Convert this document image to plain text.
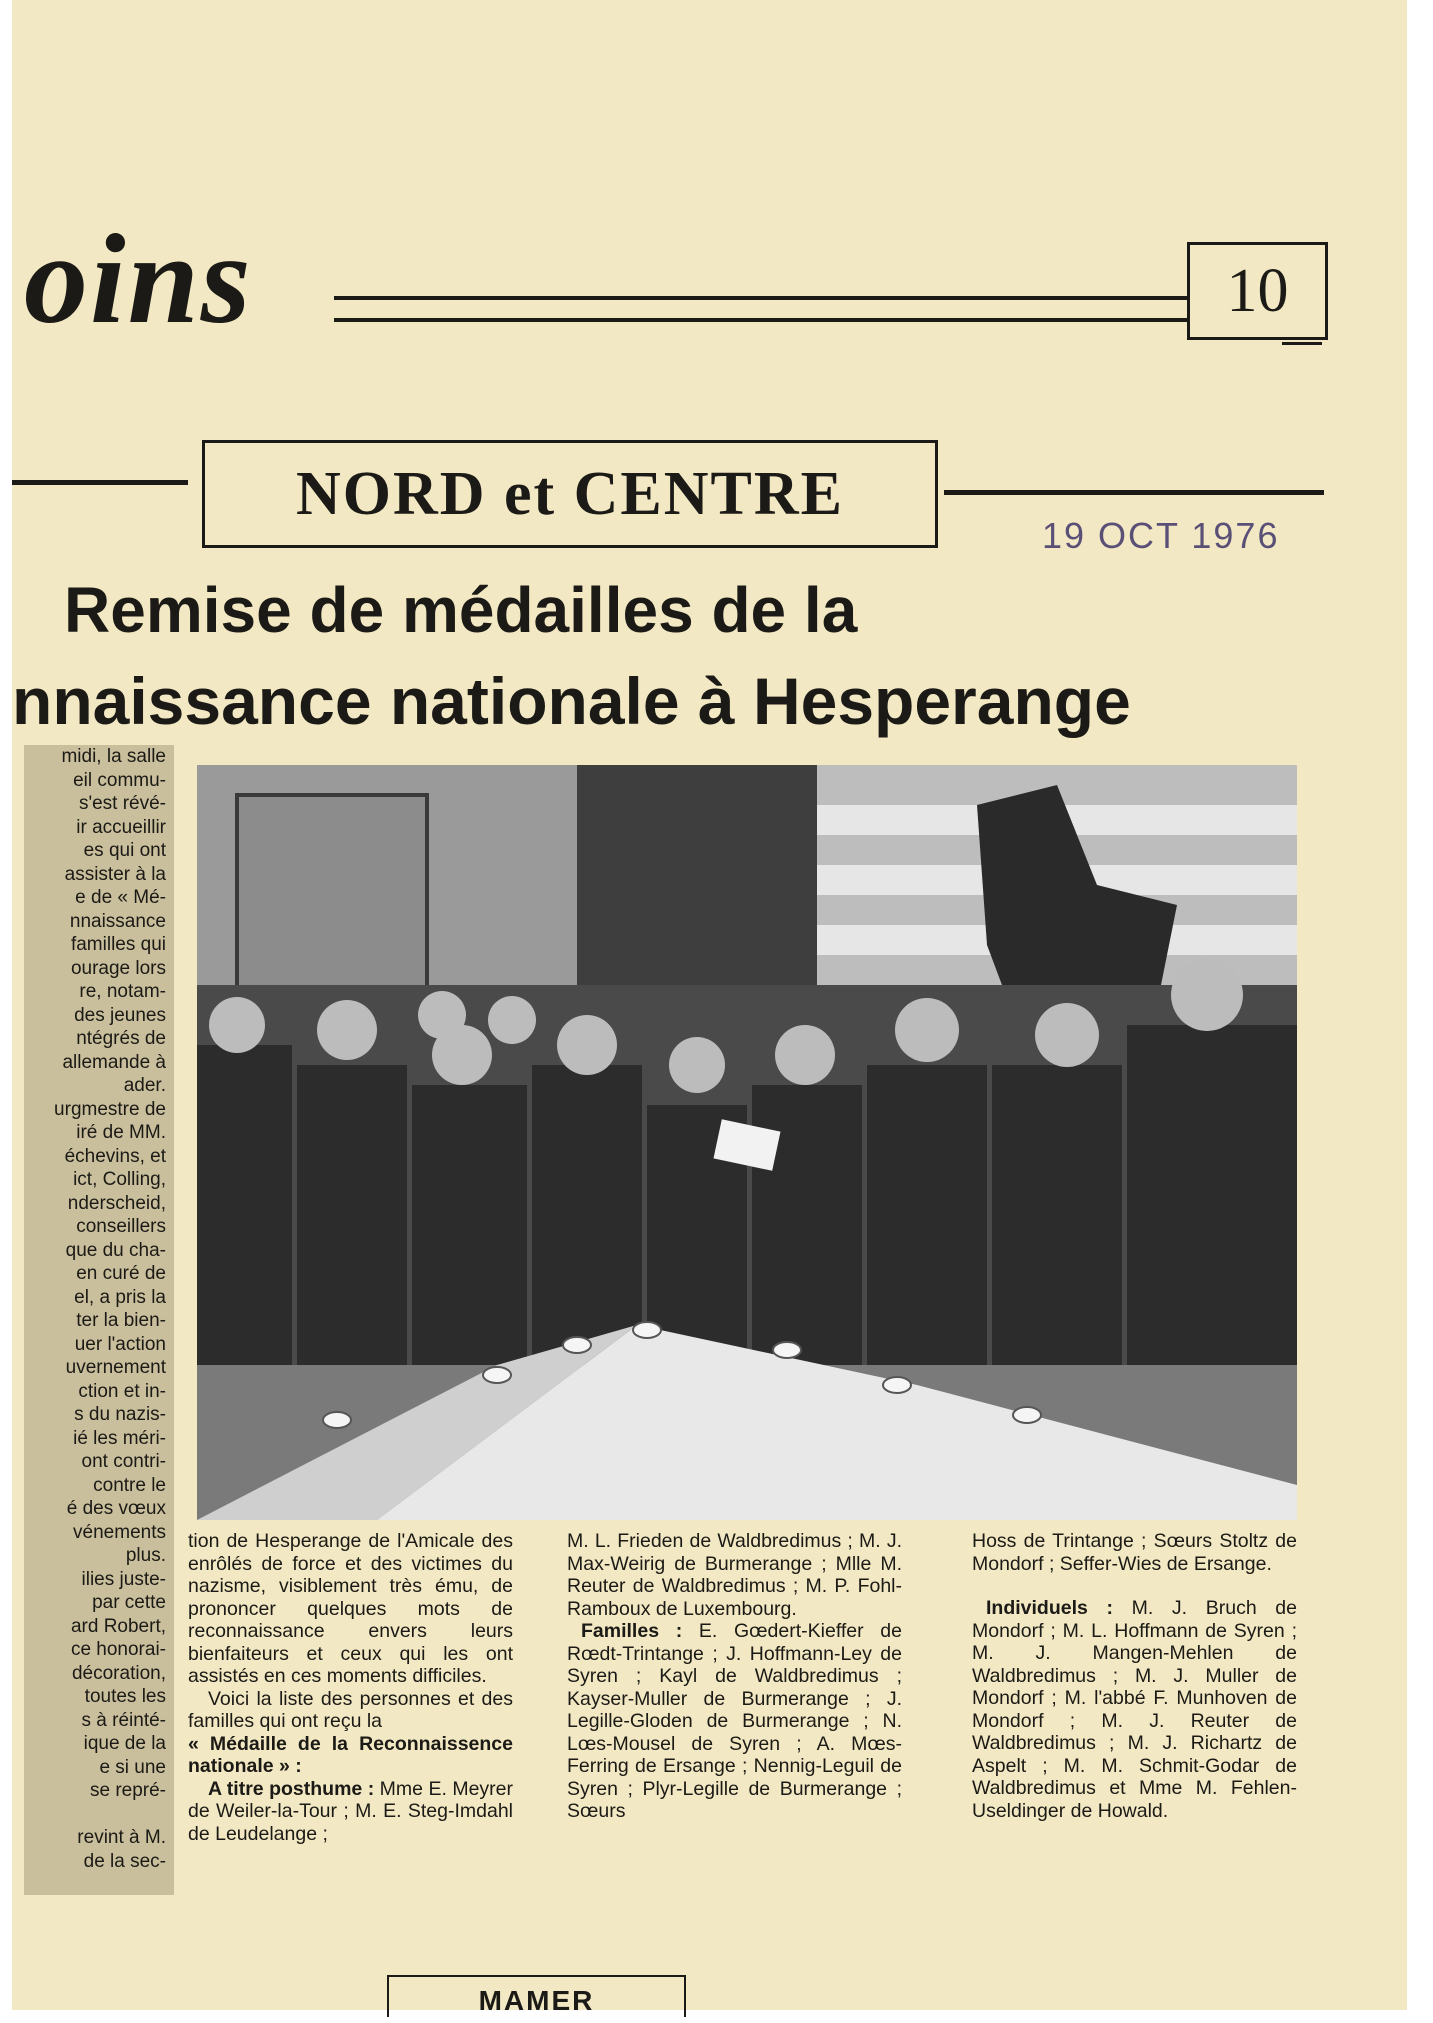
oins	10
NORD et CENTRE
19 OCT 1976
Remise de médailles de la
nnaissance nationale à Hesperange
midi, la salle
eil commu-
s'est révé-
ir accueillir
es qui ont
assister à la
e de « Mé-
nnaissance
familles qui
ourage lors
re, notam-
des jeunes
ntégrés de
allemande à
ader.
urgmestre de
iré de MM.
échevins, et
ict, Colling,
nderscheid,
conseillers
que du cha-
en curé de
el, a pris la
ter la bien-
uer l'action
uvernement
ction et in-
s du nazis-
ié les méri-
ont contri-
contre le
é des vœux
vénements
plus.
ilies juste-
par cette
ard Robert,
ce honorai-
décoration,
toutes les
s à réinté-
ique de la
e si une
se repré-

revint à M.
de la sec-

tion de Hesperange de l'Amicale des enrôlés de force et des victimes du nazisme, visiblement très ému, de prononcer quelques mots de reconnaissance envers leurs bienfaiteurs et ceux qui les ont assistés en ces moments difficiles.

Voici la liste des personnes et des familles qui ont reçu la

« Médaille de la Reconnaissence nationale » :

A titre posthume : Mme E. Meyrer de Weiler-la-Tour ; M. E. Steg-Imdahl de Leudelange ;

M. L. Frieden de Waldbredimus ; M. J. Max-Weirig de Burmerange ; Mlle M. Reuter de Waldbredimus ; M. P. Fohl-Ramboux de Luxembourg.

Familles : E. Gœdert-Kieffer de Rœdt-Trintange ; J. Hoffmann-Ley de Syren ; Kayl de Waldbredimus ; Kayser-Muller de Burmerange ; J. Legille-Gloden de Burmerange ; N. Lœs-Mousel de Syren ; A. Mœs-Ferring de Ersange ; Nennig-Leguil de Syren ; Plyr-Legille de Burmerange ; Sœurs

Hoss de Trintange ; Sœurs Stoltz de Mondorf ; Seffer-Wies de Ersange.

Individuels : M. J. Bruch de Mondorf ; M. L. Hoffmann de Syren ; M. J. Mangen-Mehlen de Waldbredimus ; M. J. Muller de Mondorf ; M. l'abbé F. Munhoven de Mondorf ; M. J. Reuter de Waldbredimus ; M. J. Richartz de Aspelt ; M. M. Schmit-Godar de Waldbredimus et Mme M. Fehlen-Useldinger de Howald.

MAMER
